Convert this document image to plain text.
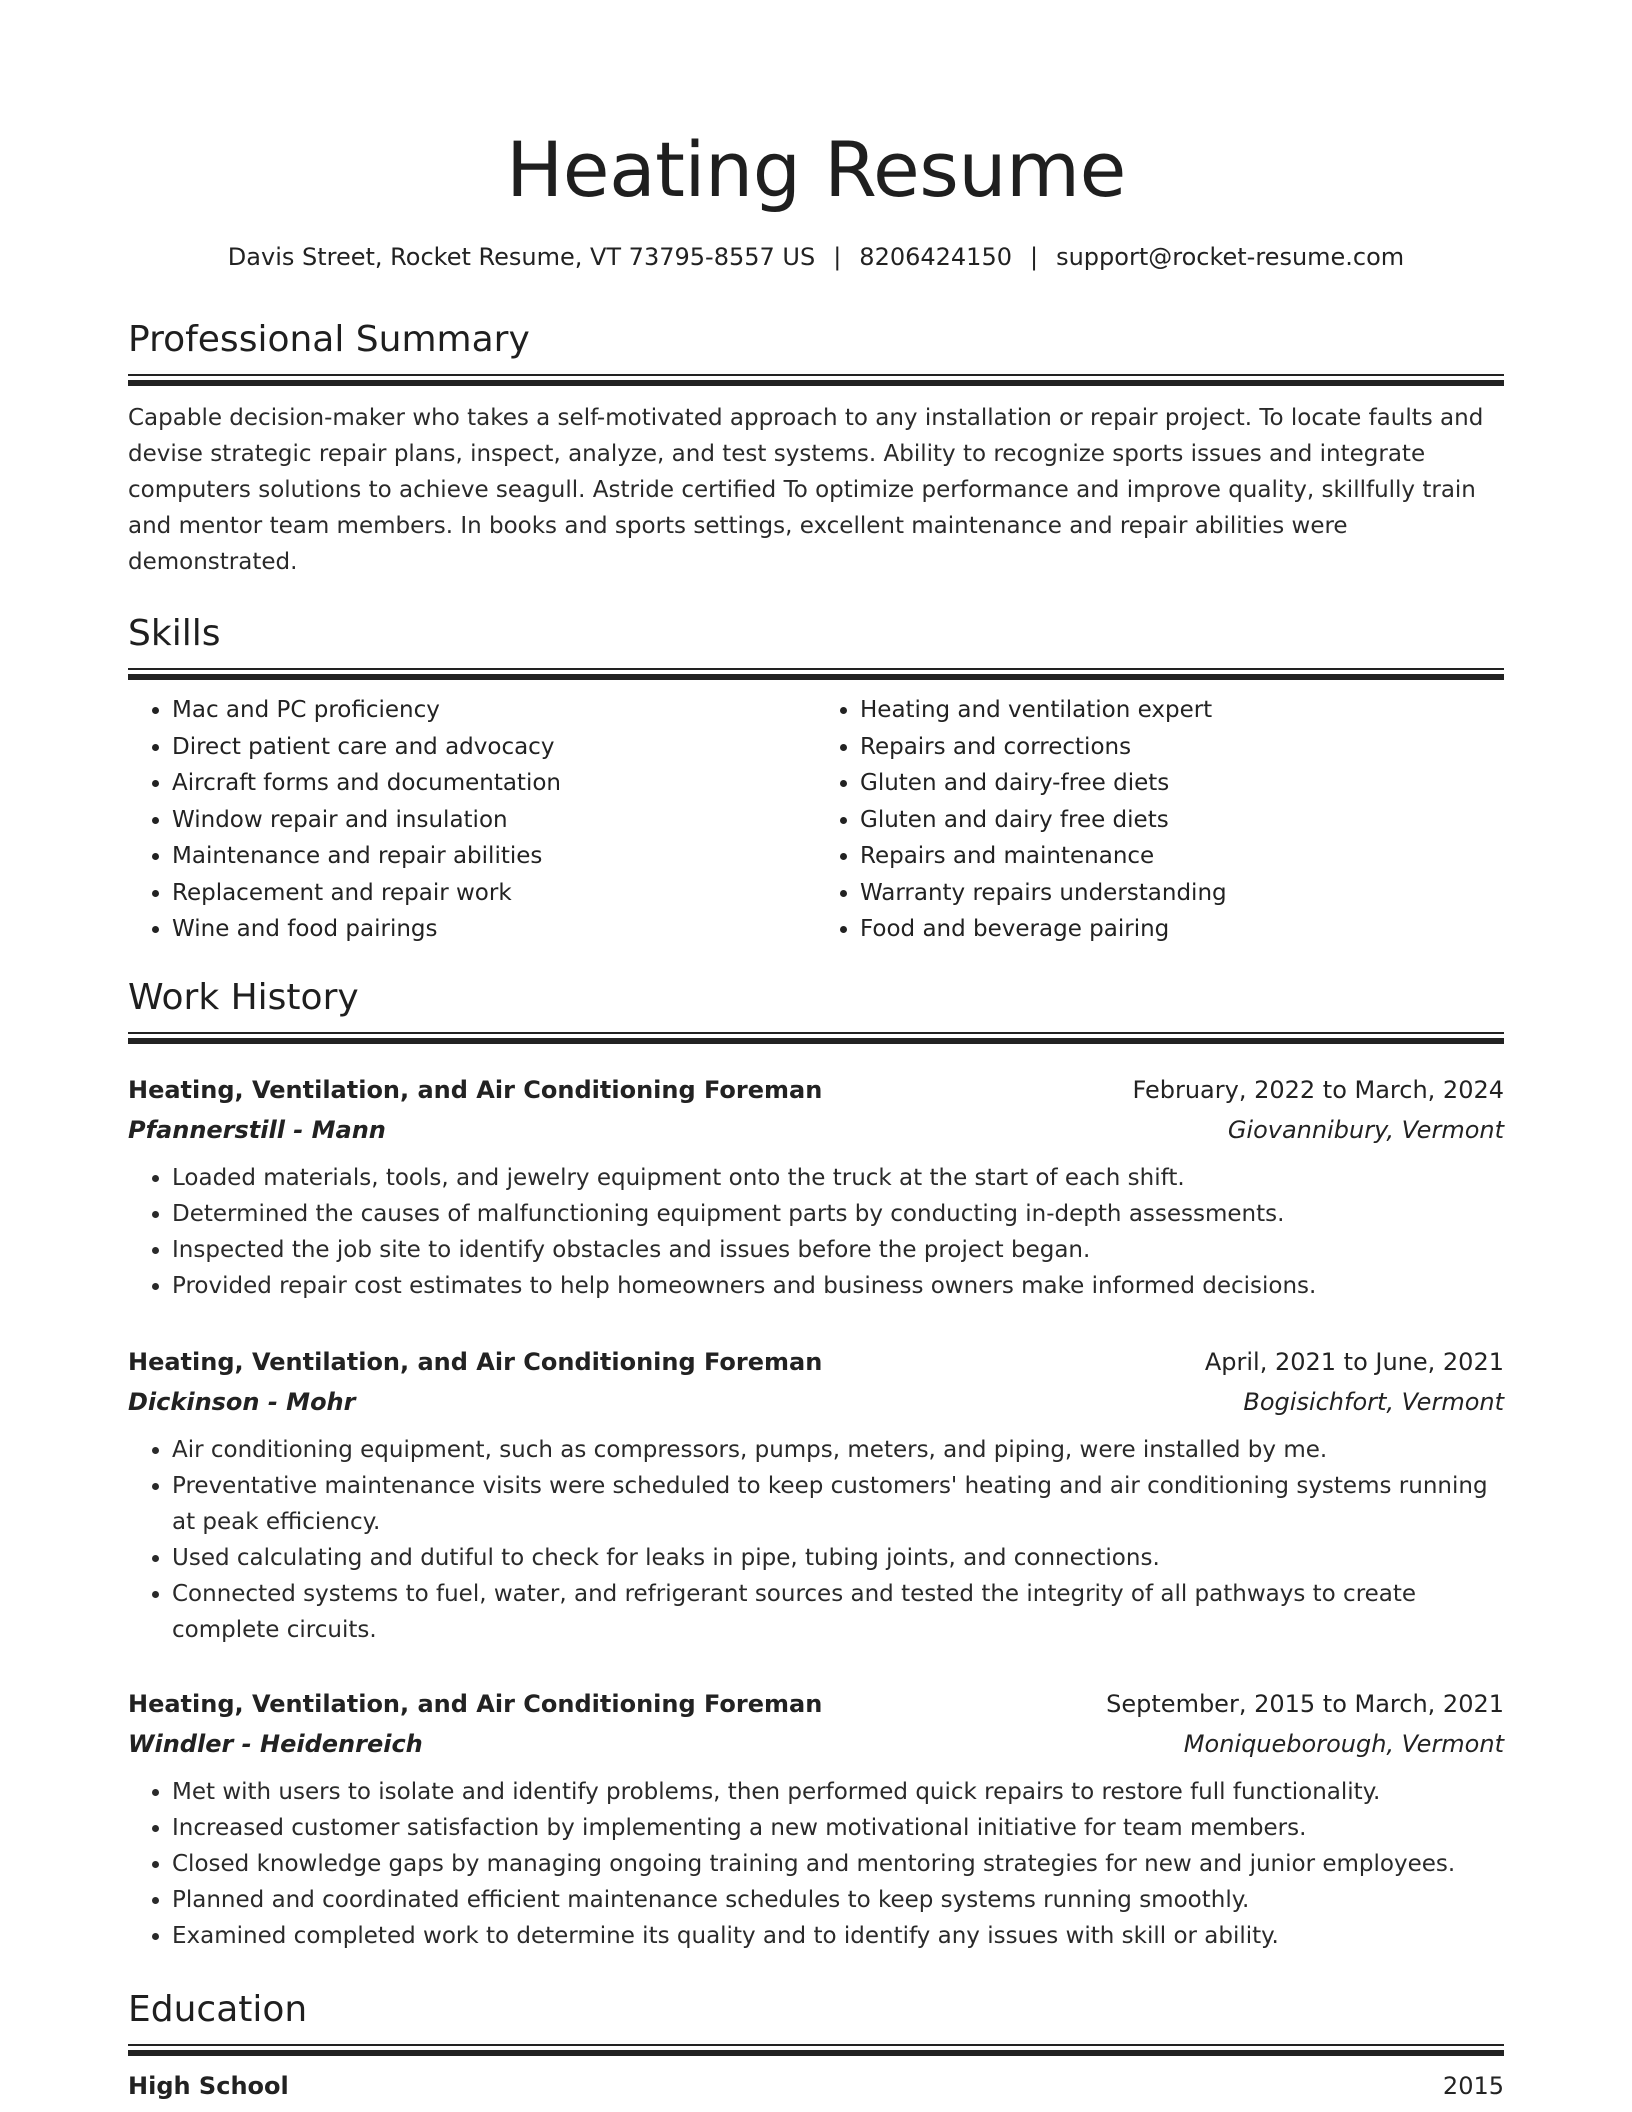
Heating Resume
Davis Street, Rocket Resume, VT 73795-8557 US | 8206424150 | support@rocket-resume.com
Professional Summary
Capable decision-maker who takes a self-motivated approach to any installation or repair project. To locate faults and devise strategic repair plans, inspect, analyze, and test systems. Ability to recognize sports issues and integrate computers solutions to achieve seagull. Astride certified To optimize performance and improve quality, skillfully train and mentor team members. In books and sports settings, excellent maintenance and repair abilities were demonstrated.
Skills
• Mac and PC proficiency
• Direct patient care and advocacy
• Aircraft forms and documentation
• Window repair and insulation
• Maintenance and repair abilities
• Replacement and repair work
• Wine and food pairings
• Heating and ventilation expert
• Repairs and corrections
• Gluten and dairy-free diets
• Gluten and dairy free diets
• Repairs and maintenance
• Warranty repairs understanding
• Food and beverage pairing
Work History
Heating, Ventilation, and Air Conditioning Foreman	February, 2022 to March, 2024
Pfannerstill - Mann	Giovannibury, Vermont
• Loaded materials, tools, and jewelry equipment onto the truck at the start of each shift.
• Determined the causes of malfunctioning equipment parts by conducting in-depth assessments.
• Inspected the job site to identify obstacles and issues before the project began.
• Provided repair cost estimates to help homeowners and business owners make informed decisions.
Heating, Ventilation, and Air Conditioning Foreman	April, 2021 to June, 2021
Dickinson - Mohr	Bogisichfort, Vermont
• Air conditioning equipment, such as compressors, pumps, meters, and piping, were installed by me.
• Preventative maintenance visits were scheduled to keep customers' heating and air conditioning systems running at peak efficiency.
• Used calculating and dutiful to check for leaks in pipe, tubing joints, and connections.
• Connected systems to fuel, water, and refrigerant sources and tested the integrity of all pathways to create complete circuits.
Heating, Ventilation, and Air Conditioning Foreman	September, 2015 to March, 2021
Windler - Heidenreich	Moniqueborough, Vermont
• Met with users to isolate and identify problems, then performed quick repairs to restore full functionality.
• Increased customer satisfaction by implementing a new motivational initiative for team members.
• Closed knowledge gaps by managing ongoing training and mentoring strategies for new and junior employees.
• Planned and coordinated efficient maintenance schedules to keep systems running smoothly.
• Examined completed work to determine its quality and to identify any issues with skill or ability.
Education
High School	2015
